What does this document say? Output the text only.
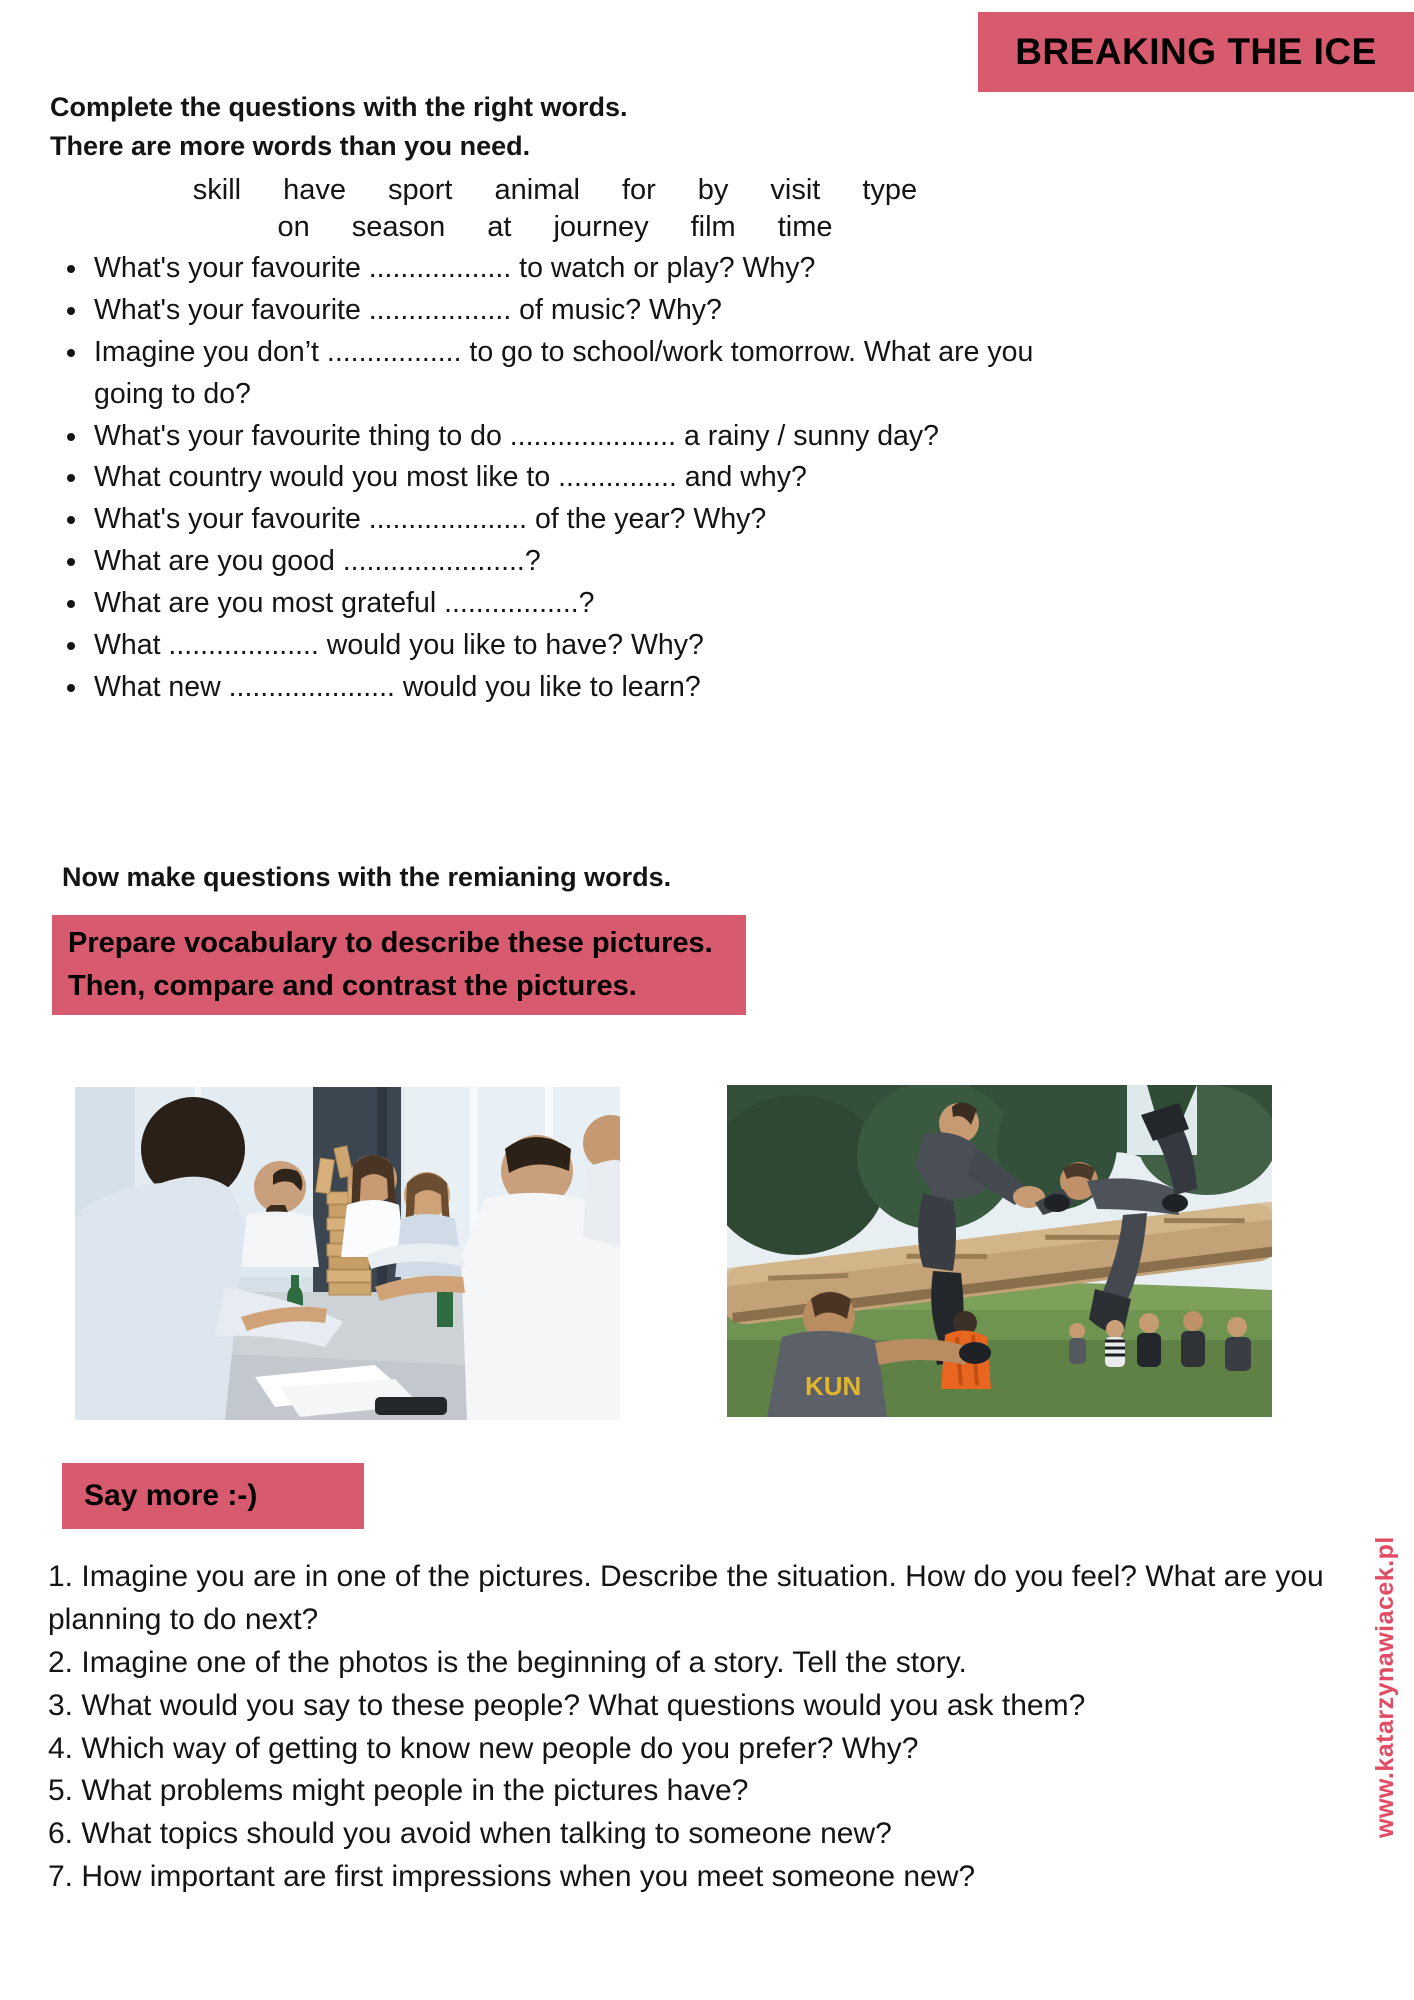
BREAKING THE ICE
Complete the questions with the right words.
There are more words than you need.
skill have sport animal for by visit type
on season at journey film time
• What's your favourite .................. to watch or play? Why?
• What's your favourite .................. of music? Why?
• Imagine you don’t ................. to go to school/work tomorrow. What are you going to do?
• What's your favourite thing to do ..................... a rainy / sunny day?
• What country would you most like to ............... and why?
• What's your favourite .................... of the year? Why?
• What are you good .......................?
• What are you most grateful .................?
• What ................... would you like to have? Why?
• What new ..................... would you like to learn?
Now make questions with the remianing words.
Prepare vocabulary to describe these pictures.
Then, compare and contrast the pictures.
KUN
Say more :-)
1. Imagine you are in one of the pictures. Describe the situation. How do you feel? What are you planning to do next?
2. Imagine one of the photos is the beginning of a story. Tell the story.
3. What would you say to these people? What questions would you ask them?
4. Which way of getting to know new people do you prefer? Why?
5. What problems might people in the pictures have?
6. What topics should you avoid when talking to someone new?
7. How important are first impressions when you meet someone new?
www.katarzynawiacek.pl
